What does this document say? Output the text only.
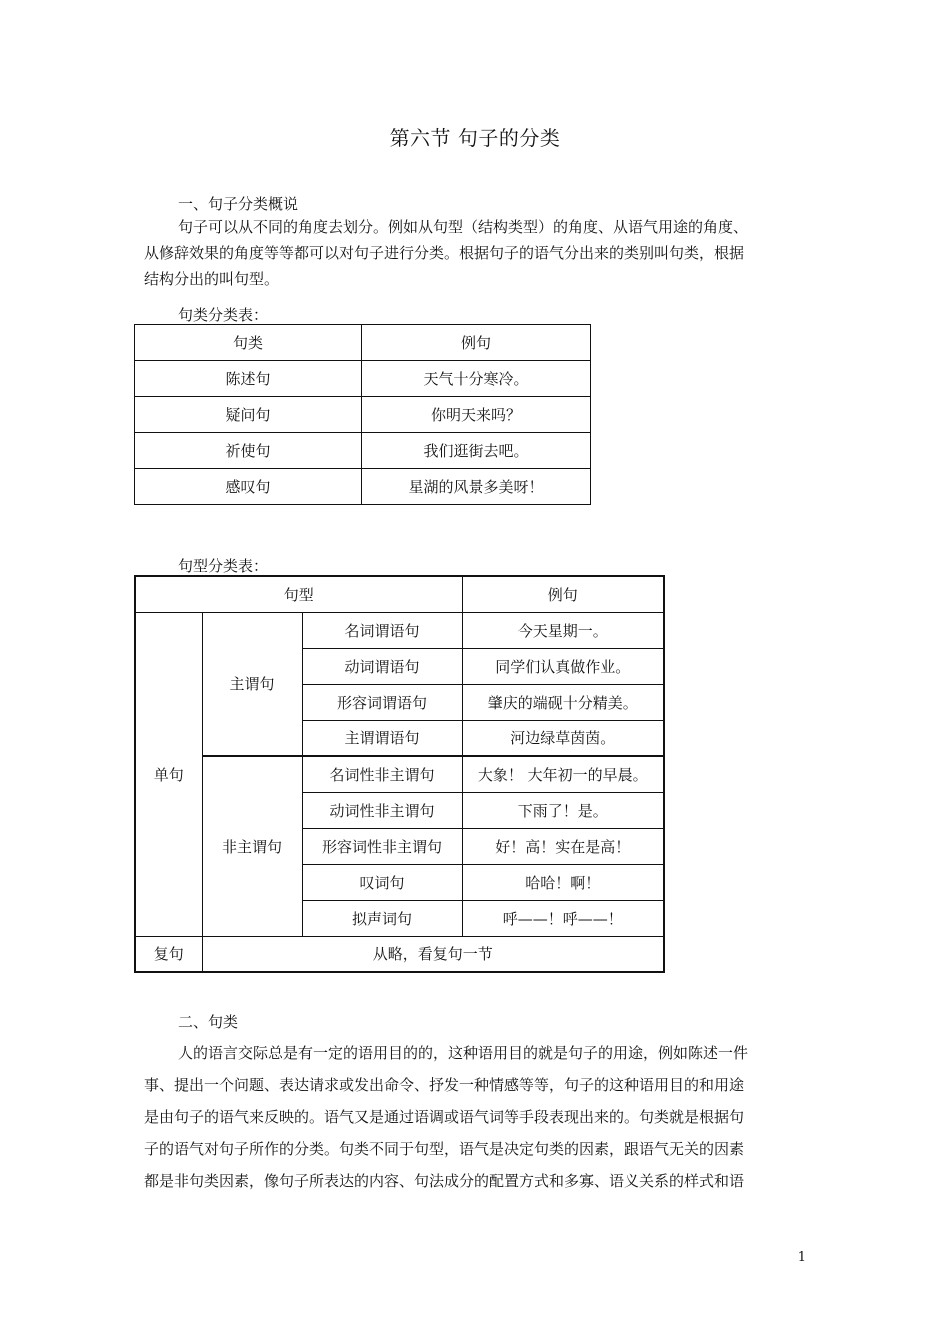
第六节 句子的分类
一、句子分类概说
句子可以从不同的角度去划分。例如从句型（结构类型）的角度、从语气用途的角度、
从修辞效果的角度等等都可以对句子进行分类。根据句子的语气分出来的类别叫句类，根据
结构分出的叫句型。
句类分类表：
句类	例句
陈述句	天气十分寒冷。
疑问句	你明天来吗？
祈使句	我们逛街去吧。
感叹句	星湖的风景多美呀！
句型分类表：
句型			例句
单句	主谓句	名词谓语句	今天星期一。
		动词谓语句	同学们认真做作业。
		形容词谓语句	肇庆的端砚十分精美。
		主谓谓语句	河边绿草茵茵。
	非主谓句	名词性非主谓句	大象！ 大年初一的早晨。
		动词性非主谓句	下雨了！是。
		形容词性非主谓句	好！高！实在是高！
		叹词句	哈哈！啊！
		拟声词句	呼——！呼——！
复句	从略，看复句一节		
二、句类
人的语言交际总是有一定的语用目的的，这种语用目的就是句子的用途，例如陈述一件
事、提出一个问题、表达请求或发出命令、抒发一种情感等等，句子的这种语用目的和用途
是由句子的语气来反映的。语气又是通过语调或语气词等手段表现出来的。句类就是根据句
子的语气对句子所作的分类。句类不同于句型，语气是决定句类的因素，跟语气无关的因素
都是非句类因素，像句子所表达的内容、句法成分的配置方式和多寡、语义关系的样式和语
1
